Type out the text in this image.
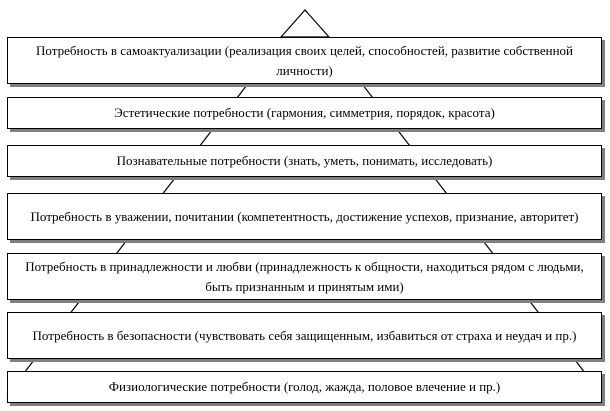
Потребность в самоактуализации (реализация своих целей, способностей, развитие собственной личности)
Эстетические потребности (гармония, симметрия, порядок, красота)
Познавательные потребности (знать, уметь, понимать, исследовать)
Потребность в уважении, почитании (компетентность, достижение успехов, признание, авторитет)
Потребность в принадлежности и любви (принадлежность к общности, находиться рядом с людьми, быть признанным и принятым ими)
Потребность в безопасности (чувствовать себя защищенным, избавиться от страха и неудач и пр.)
Физиологические потребности (голод, жажда, половое влечение и пр.)
